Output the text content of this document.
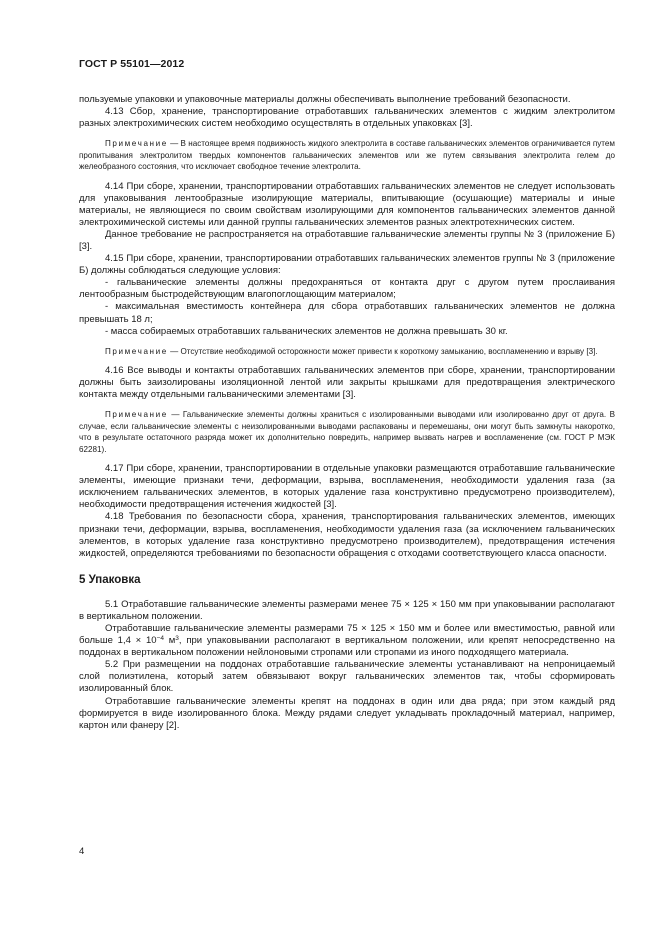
ГОСТ Р 55101—2012

пользуемые упаковки и упаковочные материалы должны обеспечивать выполнение требований безопасности.

4.13 Сбор, хранение, транспортирование отработавших гальванических элементов с жидким электролитом разных электрохимических систем необходимо осуществлять в отдельных упаковках [3].

Примечание — В настоящее время подвижность жидкого электролита в составе гальванических элементов ограничивается путем пропитывания электролитом твердых компонентов гальванических элементов или же путем связывания электролита гелем до желеобразного состояния, что исключает свободное течение электролита.

4.14 При сборе, хранении, транспортировании отработавших гальванических элементов не следует использовать для упаковывания лентообразные изолирующие материалы, впитывающие (осушающие) материалы и иные материалы, не являющиеся по своим свойствам изолирующими для компонентов гальванических элементов данной электрохимической системы или данной группы гальванических элементов разных электротехнических систем.

Данное требование не распространяется на отработавшие гальванические элементы группы № 3 (приложение Б) [3].

4.15 При сборе, хранении, транспортировании отработавших гальванических элементов группы № 3 (приложение Б) должны соблюдаться следующие условия:

- гальванические элементы должны предохраняться от контакта друг с другом путем прослаивания лентообразным быстродействующим влагопоглощающим материалом;

- максимальная вместимость контейнера для сбора отработавших гальванических элементов не должна превышать 18 л;

- масса собираемых отработавших гальванических элементов не должна превышать 30 кг.

Примечание — Отсутствие необходимой осторожности может привести к короткому замыканию, воспламенению и взрыву [3].

4.16 Все выводы и контакты отработавших гальванических элементов при сборе, хранении, транспортировании должны быть заизолированы изоляционной лентой или закрыты крышками для предотвращения электрического контакта между отдельными гальваническими элементами [3].

Примечание — Гальванические элементы должны храниться с изолированными выводами или изолированно друг от друга. В случае, если гальванические элементы с неизолированными выводами распакованы и перемешаны, они могут быть замкнуты накоротко, что в результате остаточного разряда может их дополнительно повредить, например вызвать нагрев и воспламенение (см. ГОСТ Р МЭК 62281).

4.17 При сборе, хранении, транспортировании в отдельные упаковки размещаются отработавшие гальванические элементы, имеющие признаки течи, деформации, взрыва, воспламенения, необходимости удаления газа (за исключением гальванических элементов, в которых удаление газа конструктивно предусмотрено производителем), необходимости предотвращения истечения жидкостей [3].

4.18 Требования по безопасности сбора, хранения, транспортирования гальванических элементов, имеющих признаки течи, деформации, взрыва, воспламенения, необходимости удаления газа (за исключением гальванических элементов, в которых удаление газа конструктивно предусмотрено производителем), предотвращения истечения жидкостей, определяются требованиями по безопасности обращения с отходами соответствующего класса опасности.

5 Упаковка

5.1 Отработавшие гальванические элементы размерами менее 75 × 125 × 150 мм при упаковывании располагают в вертикальном положении.

Отработавшие гальванические элементы размерами 75 × 125 × 150 мм и более или вместимостью, равной или больше $1,4 \times 10^{-4}$ $м^3$, при упаковывании располагают в вертикальном положении, или крепят непосредственно на поддонах в вертикальном положении нейлоновыми стропами или стропами из иного подходящего материала.

5.2 При размещении на поддонах отработавшие гальванические элементы устанавливают на непроницаемый слой полиэтилена, который затем обвязывают вокруг гальванических элементов так, чтобы сформировать изолированный блок.

Отработавшие гальванические элементы крепят на поддонах в один или два ряда; при этом каждый ряд формируется в виде изолированного блока. Между рядами следует укладывать прокладочный материал, например, картон или фанеру [2].

4
